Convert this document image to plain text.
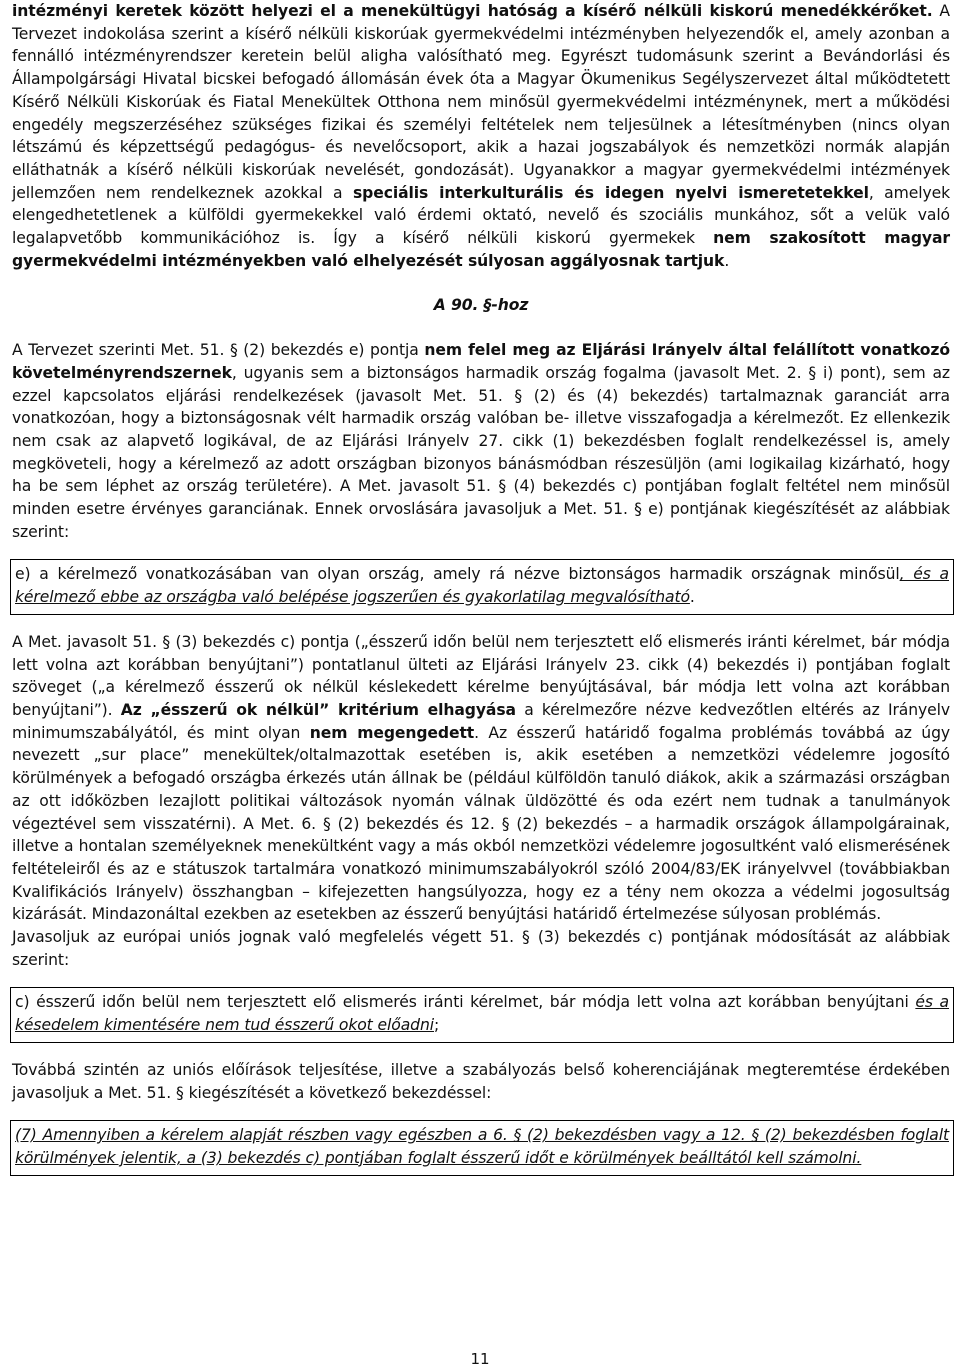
intézményi keretek között helyezi el a menekültügyi hatóság a kísérő nélküli kiskorú menedékkérőket. A Tervezet indokolása szerint a kísérő nélküli kiskorúak gyermekvédelmi intézményben helyezendők el, amely azonban a fennálló intézményrendszer keretein belül aligha valósítható meg. Egyrészt tudomásunk szerint a Bevándorlási és Állampolgársági Hivatal bicskei befogadó állomásán évek óta a Magyar Ökumenikus Segélyszervezet által működtetett Kísérő Nélküli Kiskorúak és Fiatal Menekültek Otthona nem minősül gyermekvédelmi intézménynek, mert a működési engedély megszerzéséhez szükséges fizikai és személyi feltételek nem teljesülnek a létesítményben (nincs olyan létszámú és képzettségű pedagógus- és nevelőcsoport, akik a hazai jogszabályok és nemzetközi normák alapján elláthatnák a kísérő nélküli kiskorúak nevelését, gondozását). Ugyanakkor a magyar gyermekvédelmi intézmények jellemzően nem rendelkeznek azokkal a speciális interkulturális és idegen nyelvi ismeretetekkel, amelyek elengedhetetlenek a külföldi gyermekekkel való érdemi oktató, nevelő és szociális munkához, sőt a velük való legalapvetőbb kommunikációhoz is. Így a kísérő nélküli kiskorú gyermekek nem szakosított magyar gyermekvédelmi intézményekben való elhelyezését súlyosan aggályosnak tartjuk.

A 90. §-hoz

A Tervezet szerinti Met. 51. § (2) bekezdés e) pontja nem felel meg az Eljárási Irányelv által felállított vonatkozó követelményrendszernek, ugyanis sem a biztonságos harmadik ország fogalma (javasolt Met. 2. § i) pont), sem az ezzel kapcsolatos eljárási rendelkezések (javasolt Met. 51. § (2) és (4) bekezdés) tartalmaznak garanciát arra vonatkozóan, hogy a biztonságosnak vélt harmadik ország valóban be- illetve visszafogadja a kérelmezőt. Ez ellenkezik nem csak az alapvető logikával, de az Eljárási Irányelv 27. cikk (1) bekezdésben foglalt rendelkezéssel is, amely megköveteli, hogy a kérelmező az adott országban bizonyos bánásmódban részesüljön (ami logikailag kizárható, hogy ha be sem léphet az ország területére). A Met. javasolt 51. § (4) bekezdés c) pontjában foglalt feltétel nem minősül minden esetre érvényes garanciának. Ennek orvoslására javasoljuk a Met. 51. § e) pontjának kiegészítését az alábbiak szerint:

e) a kérelmező vonatkozásában van olyan ország, amely rá nézve biztonságos harmadik országnak minősül, és a kérelmező ebbe az országba való belépése jogszerűen és gyakorlatilag megvalósítható.

A Met. javasolt 51. § (3) bekezdés c) pontja („ésszerű időn belül nem terjesztett elő elismerés iránti kérelmet, bár módja lett volna azt korábban benyújtani”) pontatlanul ülteti az Eljárási Irányelv 23. cikk (4) bekezdés i) pontjában foglalt szöveget („a kérelmező ésszerű ok nélkül késlekedett kérelme benyújtásával, bár módja lett volna azt korábban benyújtani”). Az „ésszerű ok nélkül” kritérium elhagyása a kérelmezőre nézve kedvezőtlen eltérés az Irányelv minimumszabályától, és mint olyan nem megengedett. Az ésszerű határidő fogalma problémás továbbá az úgy nevezett „sur place” menekültek/oltalmazottak esetében is, akik esetében a nemzetközi védelemre jogosító körülmények a befogadó országba érkezés után állnak be (például külföldön tanuló diákok, akik a származási országban az ott időközben lezajlott politikai változások nyomán válnak üldözötté és oda ezért nem tudnak a tanulmányok végeztével sem visszatérni). A Met. 6. § (2) bekezdés és 12. § (2) bekezdés – a harmadik országok állampolgárainak, illetve a hontalan személyeknek menekültként vagy a más okból nemzetközi védelemre jogosultként való elismerésének feltételeiről és az e státuszok tartalmára vonatkozó minimumszabályokról szóló 2004/83/EK irányelvvel (továbbiakban Kvalifikációs Irányelv) összhangban – kifejezetten hangsúlyozza, hogy ez a tény nem okozza a védelmi jogosultság kizárását. Mindazonáltal ezekben az esetekben az ésszerű benyújtási határidő értelmezése súlyosan problémás.

Javasoljuk az európai uniós jognak való megfelelés végett 51. § (3) bekezdés c) pontjának módosítását az alábbiak szerint:

c) ésszerű időn belül nem terjesztett elő elismerés iránti kérelmet, bár módja lett volna azt korábban benyújtani és a késedelem kimentésére nem tud ésszerű okot előadni;

Továbbá szintén az uniós előírások teljesítése, illetve a szabályozás belső koherenciájának megteremtése érdekében javasoljuk a Met. 51. § kiegészítését a következő bekezdéssel:

(7) Amennyiben a kérelem alapját részben vagy egészben a 6. § (2) bekezdésben vagy a 12. § (2) bekezdésben foglalt körülmények jelentik, a (3) bekezdés c) pontjában foglalt ésszerű időt e körülmények beálltától kell számolni.
11
